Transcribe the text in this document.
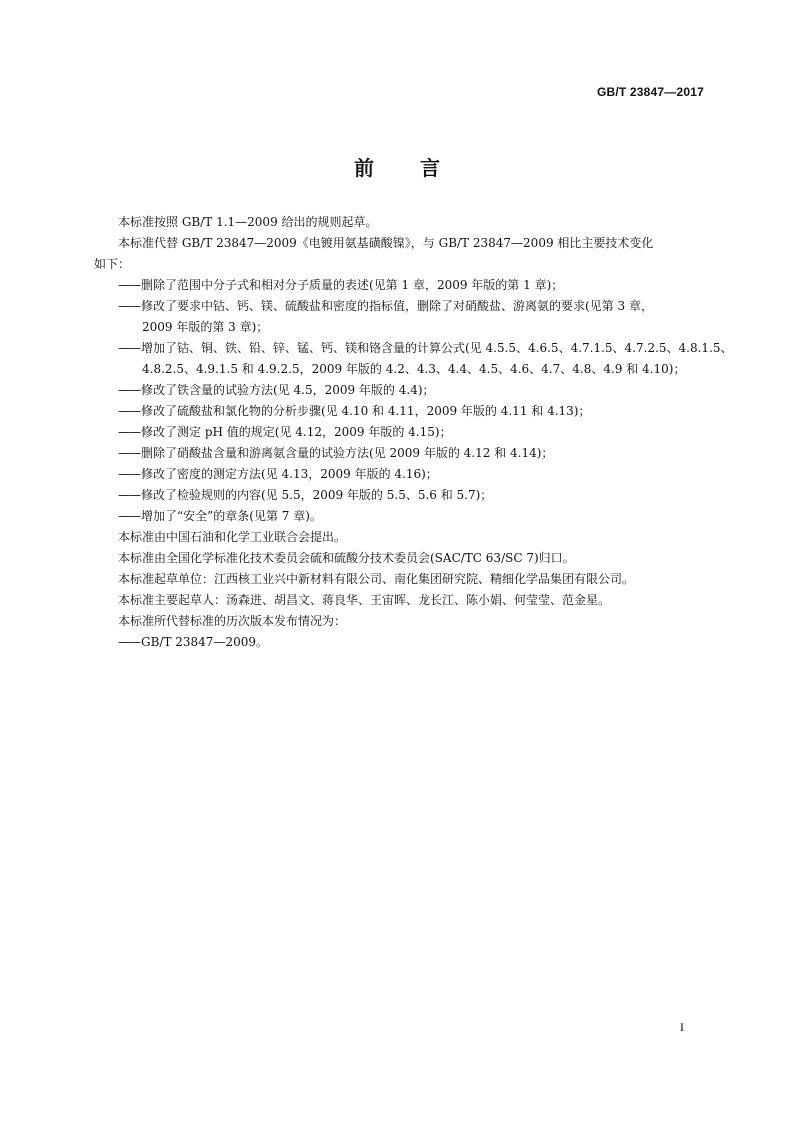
GB/T 23847—2017
前 言
本标准按照 GB/T 1.1—2009 给出的规则起草。
本标准代替 GB/T 23847—2009《电镀用氨基磺酸镍》，与 GB/T 23847—2009 相比主要技术变化
如下：
——删除了范围中分子式和相对分子质量的表述(见第 1 章，2009 年版的第 1 章)；
——修改了要求中钴、钙、镁、硫酸盐和密度的指标值，删除了对硝酸盐、游离氨的要求(见第 3 章，
2009 年版的第 3 章)；
——增加了钴、铜、铁、铅、锌、锰、钙、镁和铬含量的计算公式(见 4.5.5、4.6.5、4.7.1.5、4.7.2.5、4.8.1.5、
4.8.2.5、4.9.1.5 和 4.9.2.5，2009 年版的 4.2、4.3、4.4、4.5、4.6、4.7、4.8、4.9 和 4.10)；
——修改了铁含量的试验方法(见 4.5，2009 年版的 4.4)；
——修改了硫酸盐和氯化物的分析步骤(见 4.10 和 4.11，2009 年版的 4.11 和 4.13)；
——修改了测定 pH 值的规定(见 4.12，2009 年版的 4.15)；
——删除了硝酸盐含量和游离氨含量的试验方法(见 2009 年版的 4.12 和 4.14)；
——修改了密度的测定方法(见 4.13，2009 年版的 4.16)；
——修改了检验规则的内容(见 5.5，2009 年版的 5.5、5.6 和 5.7)；
——增加了“安全”的章条(见第 7 章)。
本标准由中国石油和化学工业联合会提出。
本标准由全国化学标准化技术委员会硫和硫酸分技术委员会(SAC/TC 63/SC 7)归口。
本标准起草单位：江西核工业兴中新材料有限公司、南化集团研究院、精细化学品集团有限公司。
本标准主要起草人：汤森进、胡昌文、蒋良华、王宙晖、龙长江、陈小娟、何莹莹、范金星。
本标准所代替标准的历次版本发布情况为：
——GB/T 23847—2009。
I
